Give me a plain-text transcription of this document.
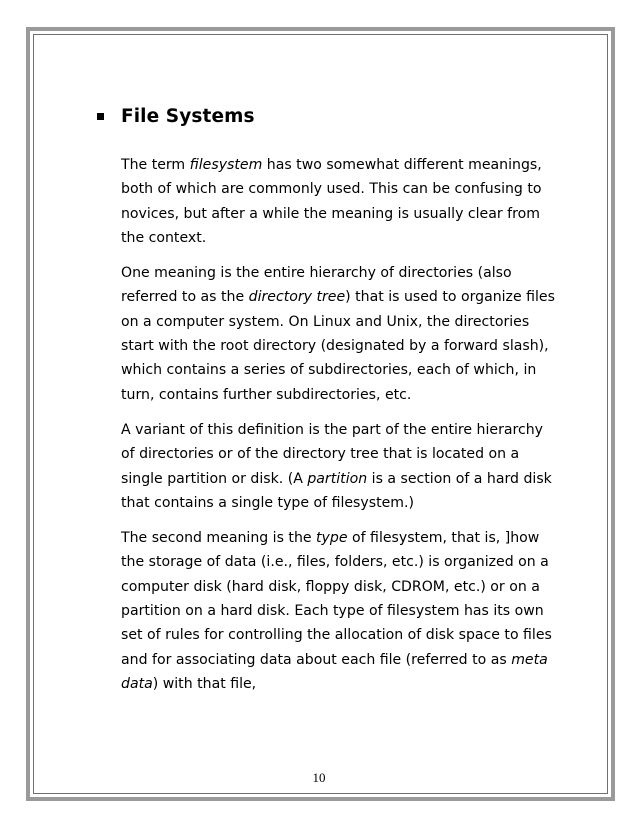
File Systems

The term filesystem has two somewhat different meanings, both of which are commonly used. This can be confusing to novices, but after a while the meaning is usually clear from the context.

One meaning is the entire hierarchy of directories (also referred to as the directory tree) that is used to organize files on a computer system. On Linux and Unix, the directories start with the root directory (designated by a forward slash), which contains a series of subdirectories, each of which, in turn, contains further subdirectories, etc.

A variant of this definition is the part of the entire hierarchy of directories or of the directory tree that is located on a single partition or disk. (A partition is a section of a hard disk that contains a single type of filesystem.)

The second meaning is the type of filesystem, that is, ]how the storage of data (i.e., files, folders, etc.) is organized on a computer disk (hard disk, floppy disk, CDROM, etc.) or on a partition on a hard disk. Each type of filesystem has its own set of rules for controlling the allocation of disk space to files and for associating data about each file (referred to as meta data) with that file,

10
